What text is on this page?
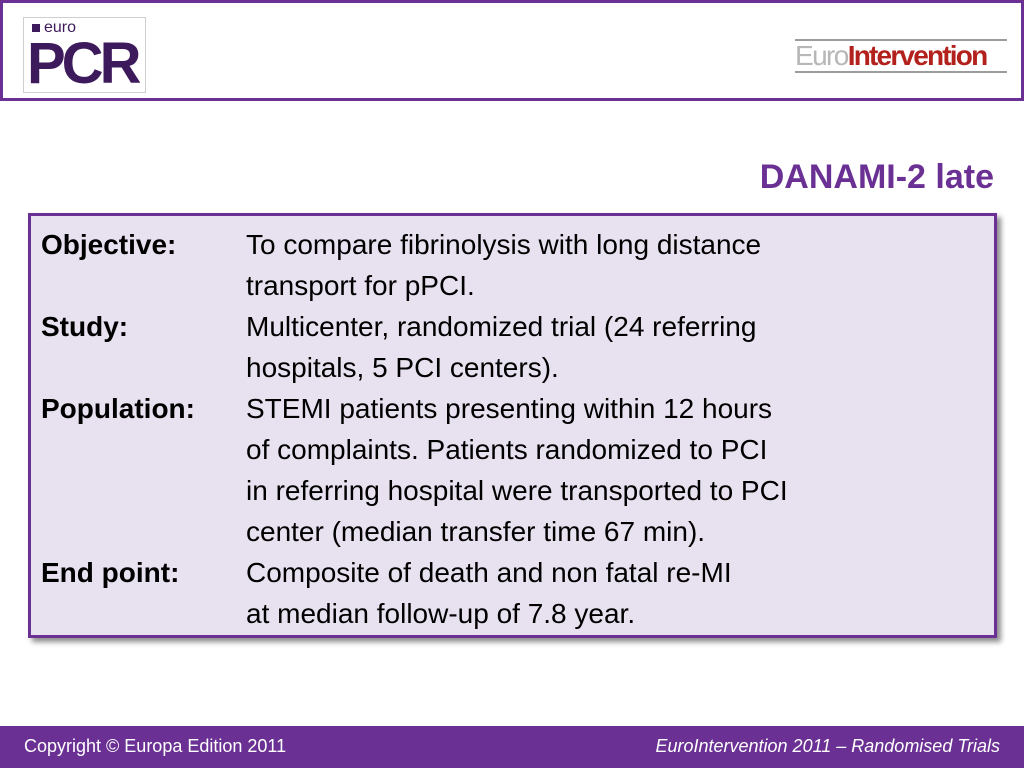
euro
PCR	EuroIntervention
DANAMI-2 late
Objective: To compare fibrinolysis with long distance
transport for pPCI.
Study:	Multicenter, randomized trial (24 referring
hospitals, 5 PCI centers).
Population: STEMI patients presenting within 12 hours
of complaints. Patients randomized to PCI
in referring hospital were transported to PCI
center (median transfer time 67 min).
End point: Composite of death and non fatal re-MI
at median follow-up of 7.8 year.
Copyright © Europa Edition 2011	EuroIntervention 2011 – Randomised Trials
